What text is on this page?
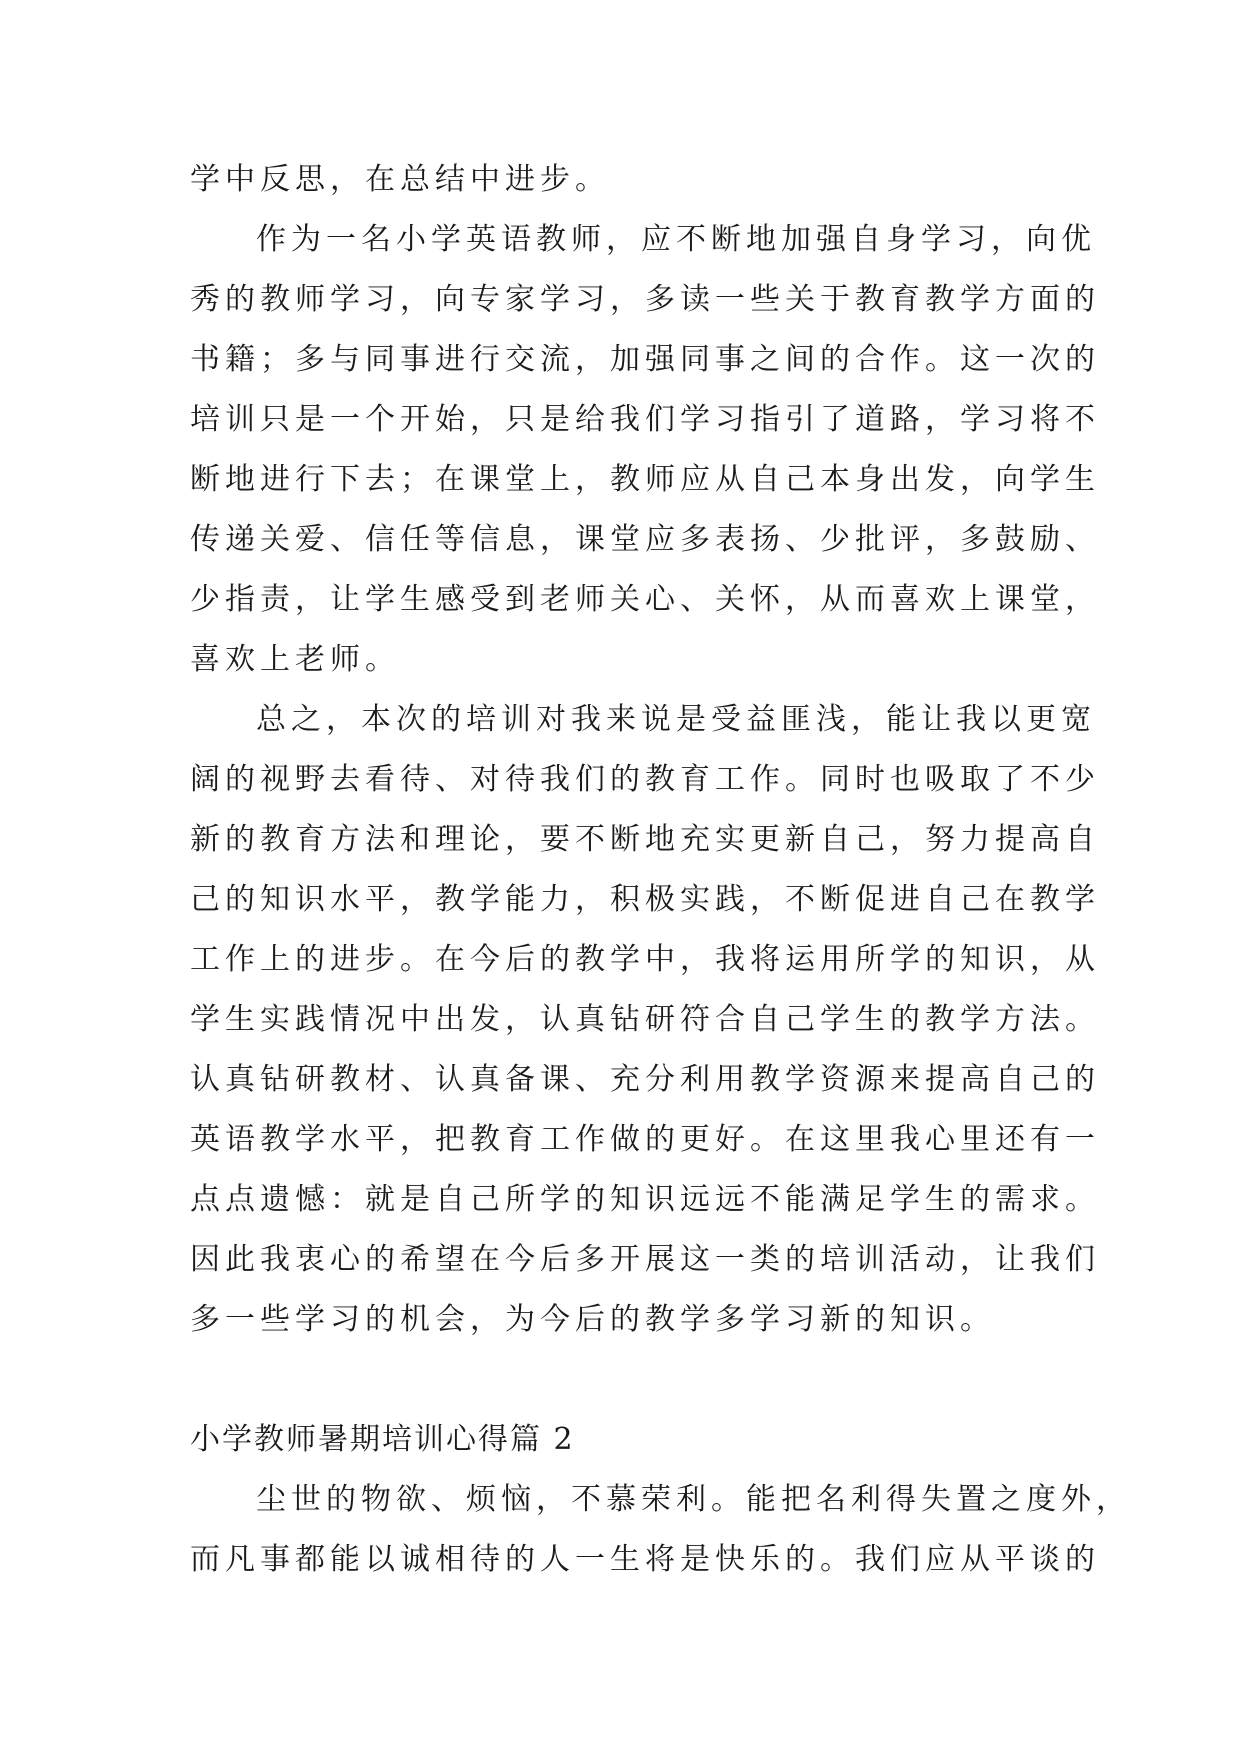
学中反思，在总结中进步。
作为一名小学英语教师，应不断地加强自身学习，向优
秀的教师学习，向专家学习，多读一些关于教育教学方面的
书籍；多与同事进行交流，加强同事之间的合作。这一次的
培训只是一个开始，只是给我们学习指引了道路，学习将不
断地进行下去；在课堂上，教师应从自己本身出发，向学生
传递关爱、信任等信息，课堂应多表扬、少批评，多鼓励、
少指责，让学生感受到老师关心、关怀，从而喜欢上课堂，
喜欢上老师。
总之，本次的培训对我来说是受益匪浅，能让我以更宽
阔的视野去看待、对待我们的教育工作。同时也吸取了不少
新的教育方法和理论，要不断地充实更新自己，努力提高自
己的知识水平，教学能力，积极实践，不断促进自己在教学
工作上的进步。在今后的教学中，我将运用所学的知识，从
学生实践情况中出发，认真钻研符合自己学生的教学方法。
认真钻研教材、认真备课、充分利用教学资源来提高自己的
英语教学水平，把教育工作做的更好。在这里我心里还有一
点点遗憾：就是自己所学的知识远远不能满足学生的需求。
因此我衷心的希望在今后多开展这一类的培训活动，让我们
多一些学习的机会，为今后的教学多学习新的知识。
小学教师暑期培训心得篇 2
尘世的物欲、烦恼，不慕荣利。能把名利得失置之度外，
而凡事都能以诚相待的人一生将是快乐的。我们应从平谈的
